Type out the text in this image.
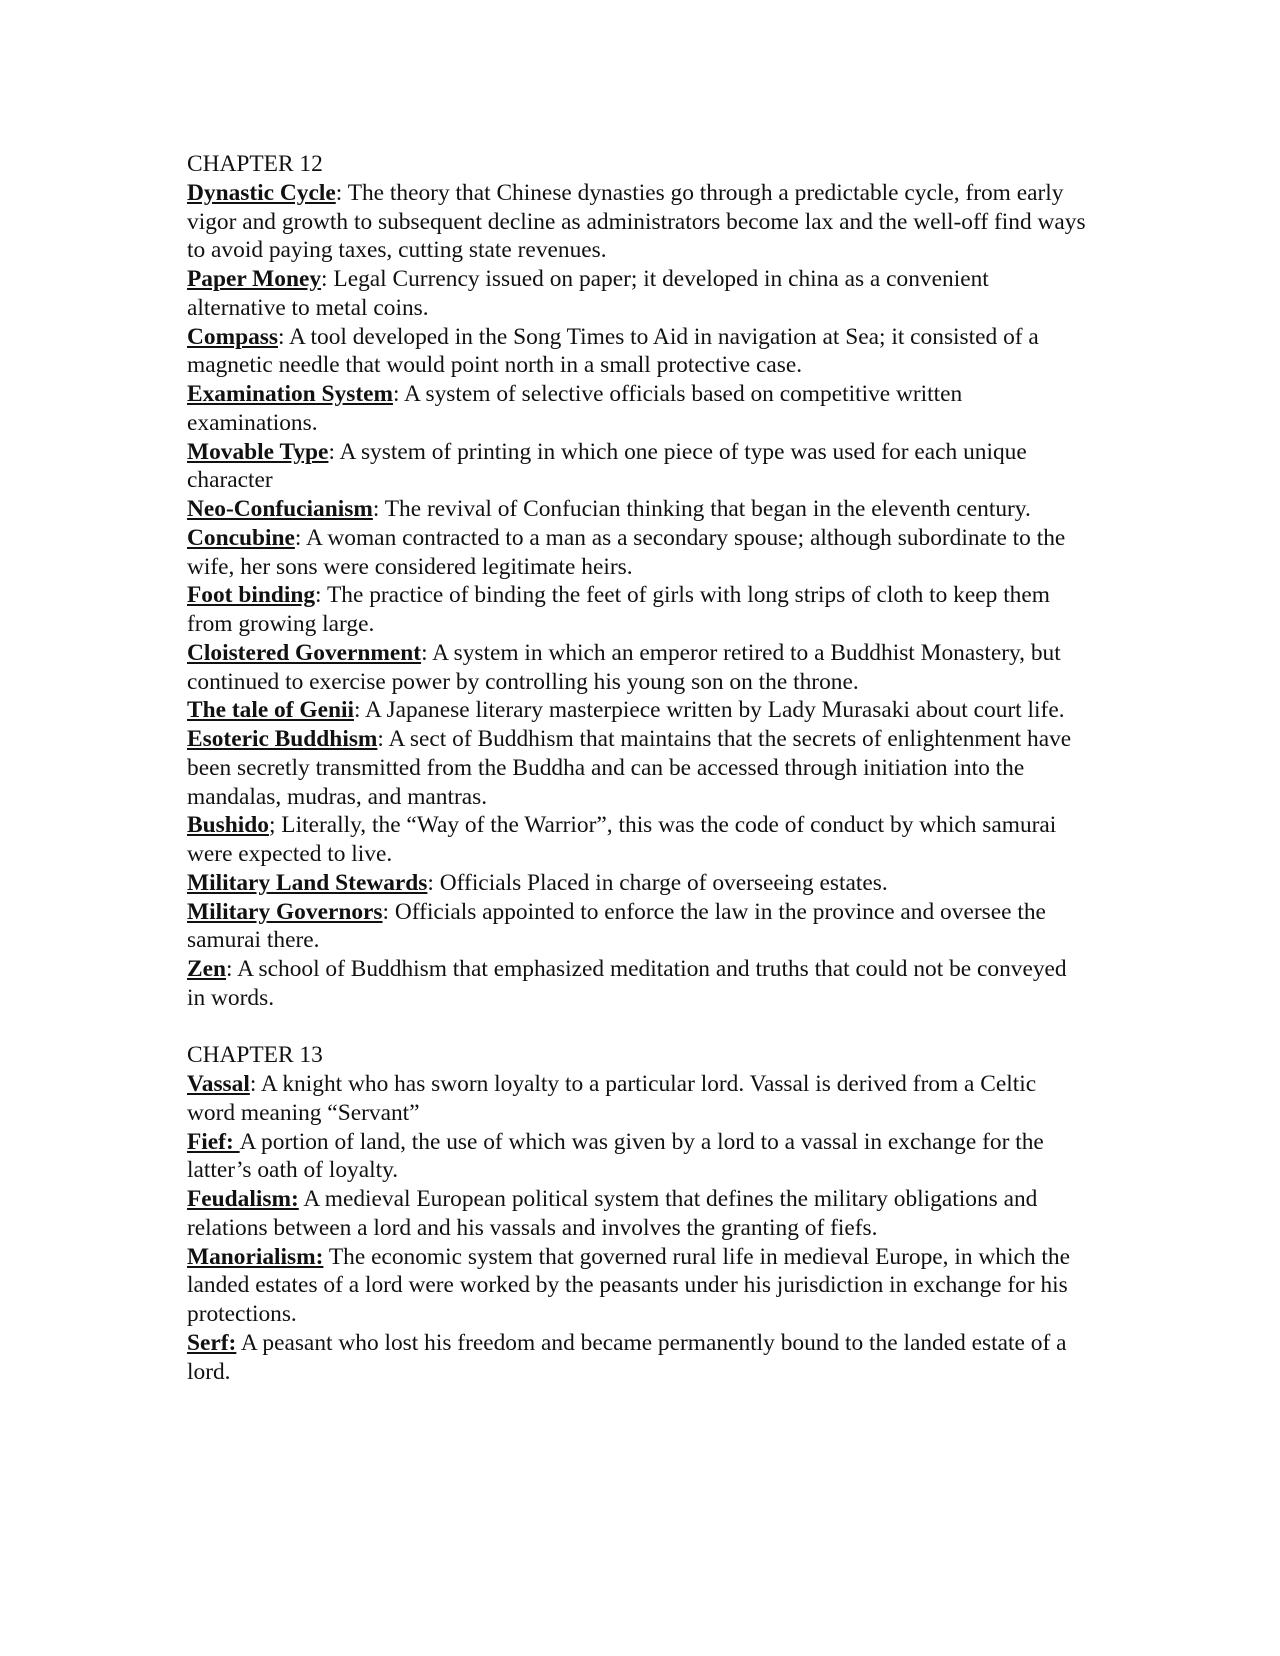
CHAPTER 12

Dynastic Cycle: The theory that Chinese dynasties go through a predictable cycle, from early vigor and growth to subsequent decline as administrators become lax and the well-off find ways to avoid paying taxes, cutting state revenues.

Paper Money: Legal Currency issued on paper; it developed in china as a convenient alternative to metal coins.

Compass: A tool developed in the Song Times to Aid in navigation at Sea; it consisted of a magnetic needle that would point north in a small protective case.

Examination System: A system of selective officials based on competitive written examinations.

Movable Type: A system of printing in which one piece of type was used for each unique character

Neo-Confucianism: The revival of Confucian thinking that began in the eleventh century.

Concubine: A woman contracted to a man as a secondary spouse; although subordinate to the wife, her sons were considered legitimate heirs.

Foot binding: The practice of binding the feet of girls with long strips of cloth to keep them from growing large.

Cloistered Government: A system in which an emperor retired to a Buddhist Monastery, but continued to exercise power by controlling his young son on the throne.

The tale of Genii: A Japanese literary masterpiece written by Lady Murasaki about court life.

Esoteric Buddhism: A sect of Buddhism that maintains that the secrets of enlightenment have been secretly transmitted from the Buddha and can be accessed through initiation into the mandalas, mudras, and mantras.

Bushido; Literally, the “Way of the Warrior”, this was the code of conduct by which samurai were expected to live.

Military Land Stewards: Officials Placed in charge of overseeing estates.

Military Governors: Officials appointed to enforce the law in the province and oversee the samurai there.

Zen: A school of Buddhism that emphasized meditation and truths that could not be conveyed in words.

CHAPTER 13

Vassal: A knight who has sworn loyalty to a particular lord. Vassal is derived from a Celtic word meaning “Servant”

Fief: A portion of land, the use of which was given by a lord to a vassal in exchange for the latter’s oath of loyalty.

Feudalism: A medieval European political system that defines the military obligations and relations between a lord and his vassals and involves the granting of fiefs.

Manorialism: The economic system that governed rural life in medieval Europe, in which the landed estates of a lord were worked by the peasants under his jurisdiction in exchange for his protections.

Serf: A peasant who lost his freedom and became permanently bound to the landed estate of a lord.
